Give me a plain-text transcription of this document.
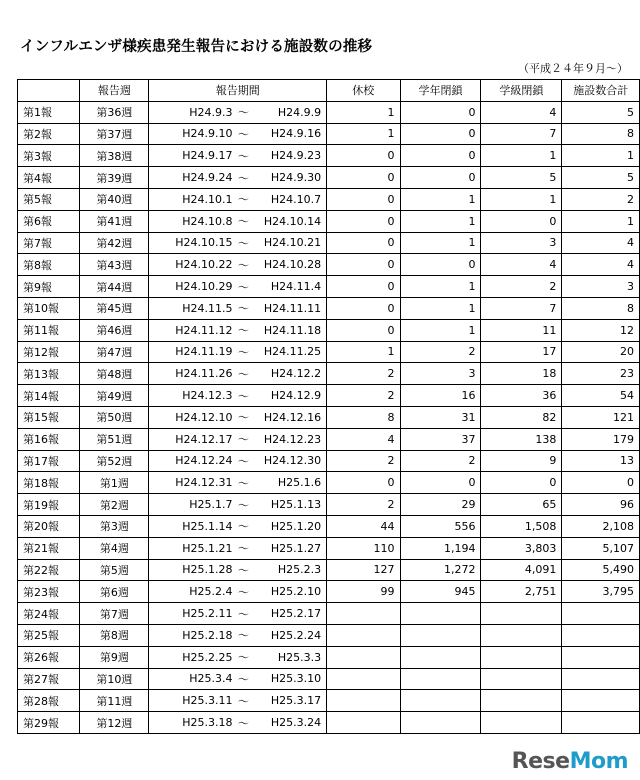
インフルエンザ様疾患発生報告における施設数の推移
（平成２４年９月～）
	報告週	報告期間	休校	学年閉鎖	学級閉鎖	施設数合計
第1報	第36週	H24.9.3 ～ H24.9.9	1	0	4	5
第2報	第37週	H24.9.10 ～ H24.9.16	1	0	7	8
第3報	第38週	H24.9.17 ～ H24.9.23	0	0	1	1
第4報	第39週	H24.9.24 ～ H24.9.30	0	0	5	5
第5報	第40週	H24.10.1 ～ H24.10.7	0	1	1	2
第6報	第41週	H24.10.8 ～ H24.10.14	0	1	0	1
第7報	第42週	H24.10.15 ～ H24.10.21	0	1	3	4
第8報	第43週	H24.10.22 ～ H24.10.28	0	0	4	4
第9報	第44週	H24.10.29 ～ H24.11.4	0	1	2	3
第10報	第45週	H24.11.5 ～ H24.11.11	0	1	7	8
第11報	第46週	H24.11.12 ～ H24.11.18	0	1	11	12
第12報	第47週	H24.11.19 ～ H24.11.25	1	2	17	20
第13報	第48週	H24.11.26 ～ H24.12.2	2	3	18	23
第14報	第49週	H24.12.3 ～ H24.12.9	2	16	36	54
第15報	第50週	H24.12.10 ～ H24.12.16	8	31	82	121
第16報	第51週	H24.12.17 ～ H24.12.23	4	37	138	179
第17報	第52週	H24.12.24 ～ H24.12.30	2	2	9	13
第18報	第1週	H24.12.31 ～ H25.1.6	0	0	0	0
第19報	第2週	H25.1.7 ～ H25.1.13	2	29	65	96
第20報	第3週	H25.1.14 ～ H25.1.20	44	556	1,508	2,108
第21報	第4週	H25.1.21 ～ H25.1.27	110	1,194	3,803	5,107
第22報	第5週	H25.1.28 ～ H25.2.3	127	1,272	4,091	5,490
第23報	第6週	H25.2.4 ～ H25.2.10	99	945	2,751	3,795
第24報	第7週	H25.2.11 ～ H25.2.17				

第25報	第8週	H25.2.18 ～ H25.2.24				

第26報	第9週	H25.2.25 ～ H25.3.3				

第27報	第10週	H25.3.4 ～ H25.3.10				

第28報	第11週	H25.3.11 ～ H25.3.17				

第29報	第12週	H25.3.18 ～ H25.3.24				

ReseMom
